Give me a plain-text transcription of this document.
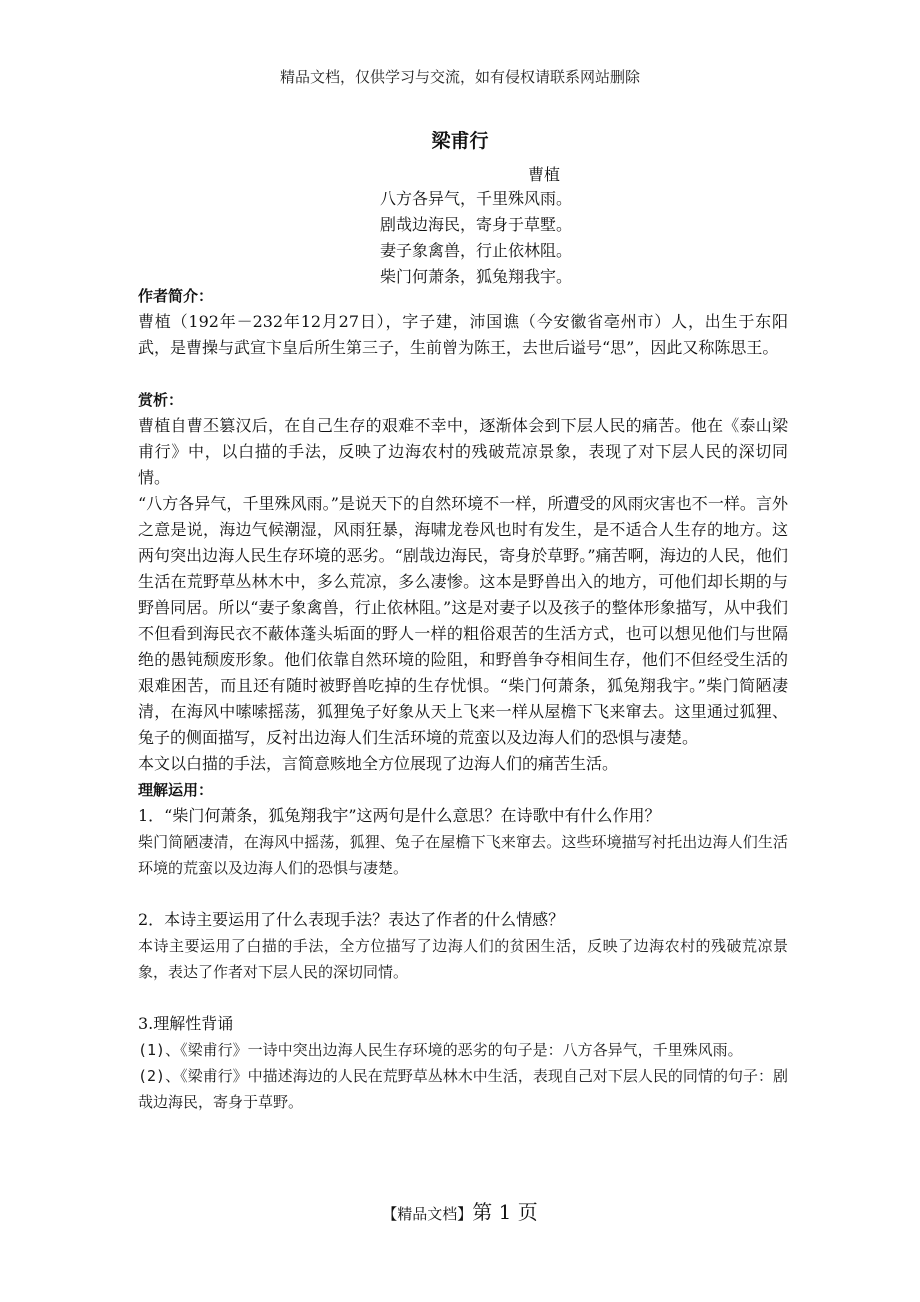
精品文档，仅供学习与交流，如有侵权请联系网站删除
梁甫行
曹植
八方各异气，千里殊风雨。
剧哉边海民，寄身于草墅。
妻子象禽兽，行止依林阻。
柴门何萧条，狐兔翔我宇。
作者简介：
曹植（192年－232年12月27日），字子建，沛国谯（今安徽省亳州市）人，出生于东阳武，是曹操与武宣卞皇后所生第三子，生前曾为陈王，去世后谥号“思”，因此又称陈思王。
赏析：
曹植自曹丕篡汉后，在自己生存的艰难不幸中，逐渐体会到下层人民的痛苦。他在《泰山梁甫行》中，以白描的手法，反映了边海农村的残破荒凉景象，表现了对下层人民的深切同情。
“八方各异气，千里殊风雨。”是说天下的自然环境不一样，所遭受的风雨灾害也不一样。言外之意是说，海边气候潮湿，风雨狂暴，海啸龙卷风也时有发生，是不适合人生存的地方。这两句突出边海人民生存环境的恶劣。“剧哉边海民，寄身於草野。”痛苦啊，海边的人民，他们生活在荒野草丛林木中，多么荒凉，多么凄惨。这本是野兽出入的地方，可他们却长期的与野兽同居。所以“妻子象禽兽，行止依林阻。”这是对妻子以及孩子的整体形象描写，从中我们不但看到海民衣不蔽体蓬头垢面的野人一样的粗俗艰苦的生活方式，也可以想见他们与世隔绝的愚钝颓废形象。他们依靠自然环境的险阻，和野兽争夺相间生存，他们不但经受生活的艰难困苦，而且还有随时被野兽吃掉的生存忧惧。“柴门何萧条，狐兔翔我宇。”柴门简陋凄清，在海风中嗦嗦摇荡，狐狸兔子好象从天上飞来一样从屋檐下飞来窜去。这里通过狐狸、兔子的侧面描写，反衬出边海人们生活环境的荒蛮以及边海人们的恐惧与凄楚。
本文以白描的手法，言简意赅地全方位展现了边海人们的痛苦生活。
理解运用：
1．“柴门何萧条，狐兔翔我宇”这两句是什么意思？在诗歌中有什么作用？
柴门简陋凄清，在海风中摇荡，狐狸、兔子在屋檐下飞来窜去。这些环境描写衬托出边海人们生活环境的荒蛮以及边海人们的恐惧与凄楚。
2．本诗主要运用了什么表现手法？表达了作者的什么情感？
本诗主要运用了白描的手法，全方位描写了边海人们的贫困生活，反映了边海农村的残破荒凉景象，表达了作者对下层人民的深切同情。
3.理解性背诵
(1)、《梁甫行》一诗中突出边海人民生存环境的恶劣的句子是：八方各异气，千里殊风雨。
(2)、《梁甫行》中描述海边的人民在荒野草丛林木中生活，表现自己对下层人民的同情的句子：剧哉边海民，寄身于草野。
【精品文档】第 1 页
